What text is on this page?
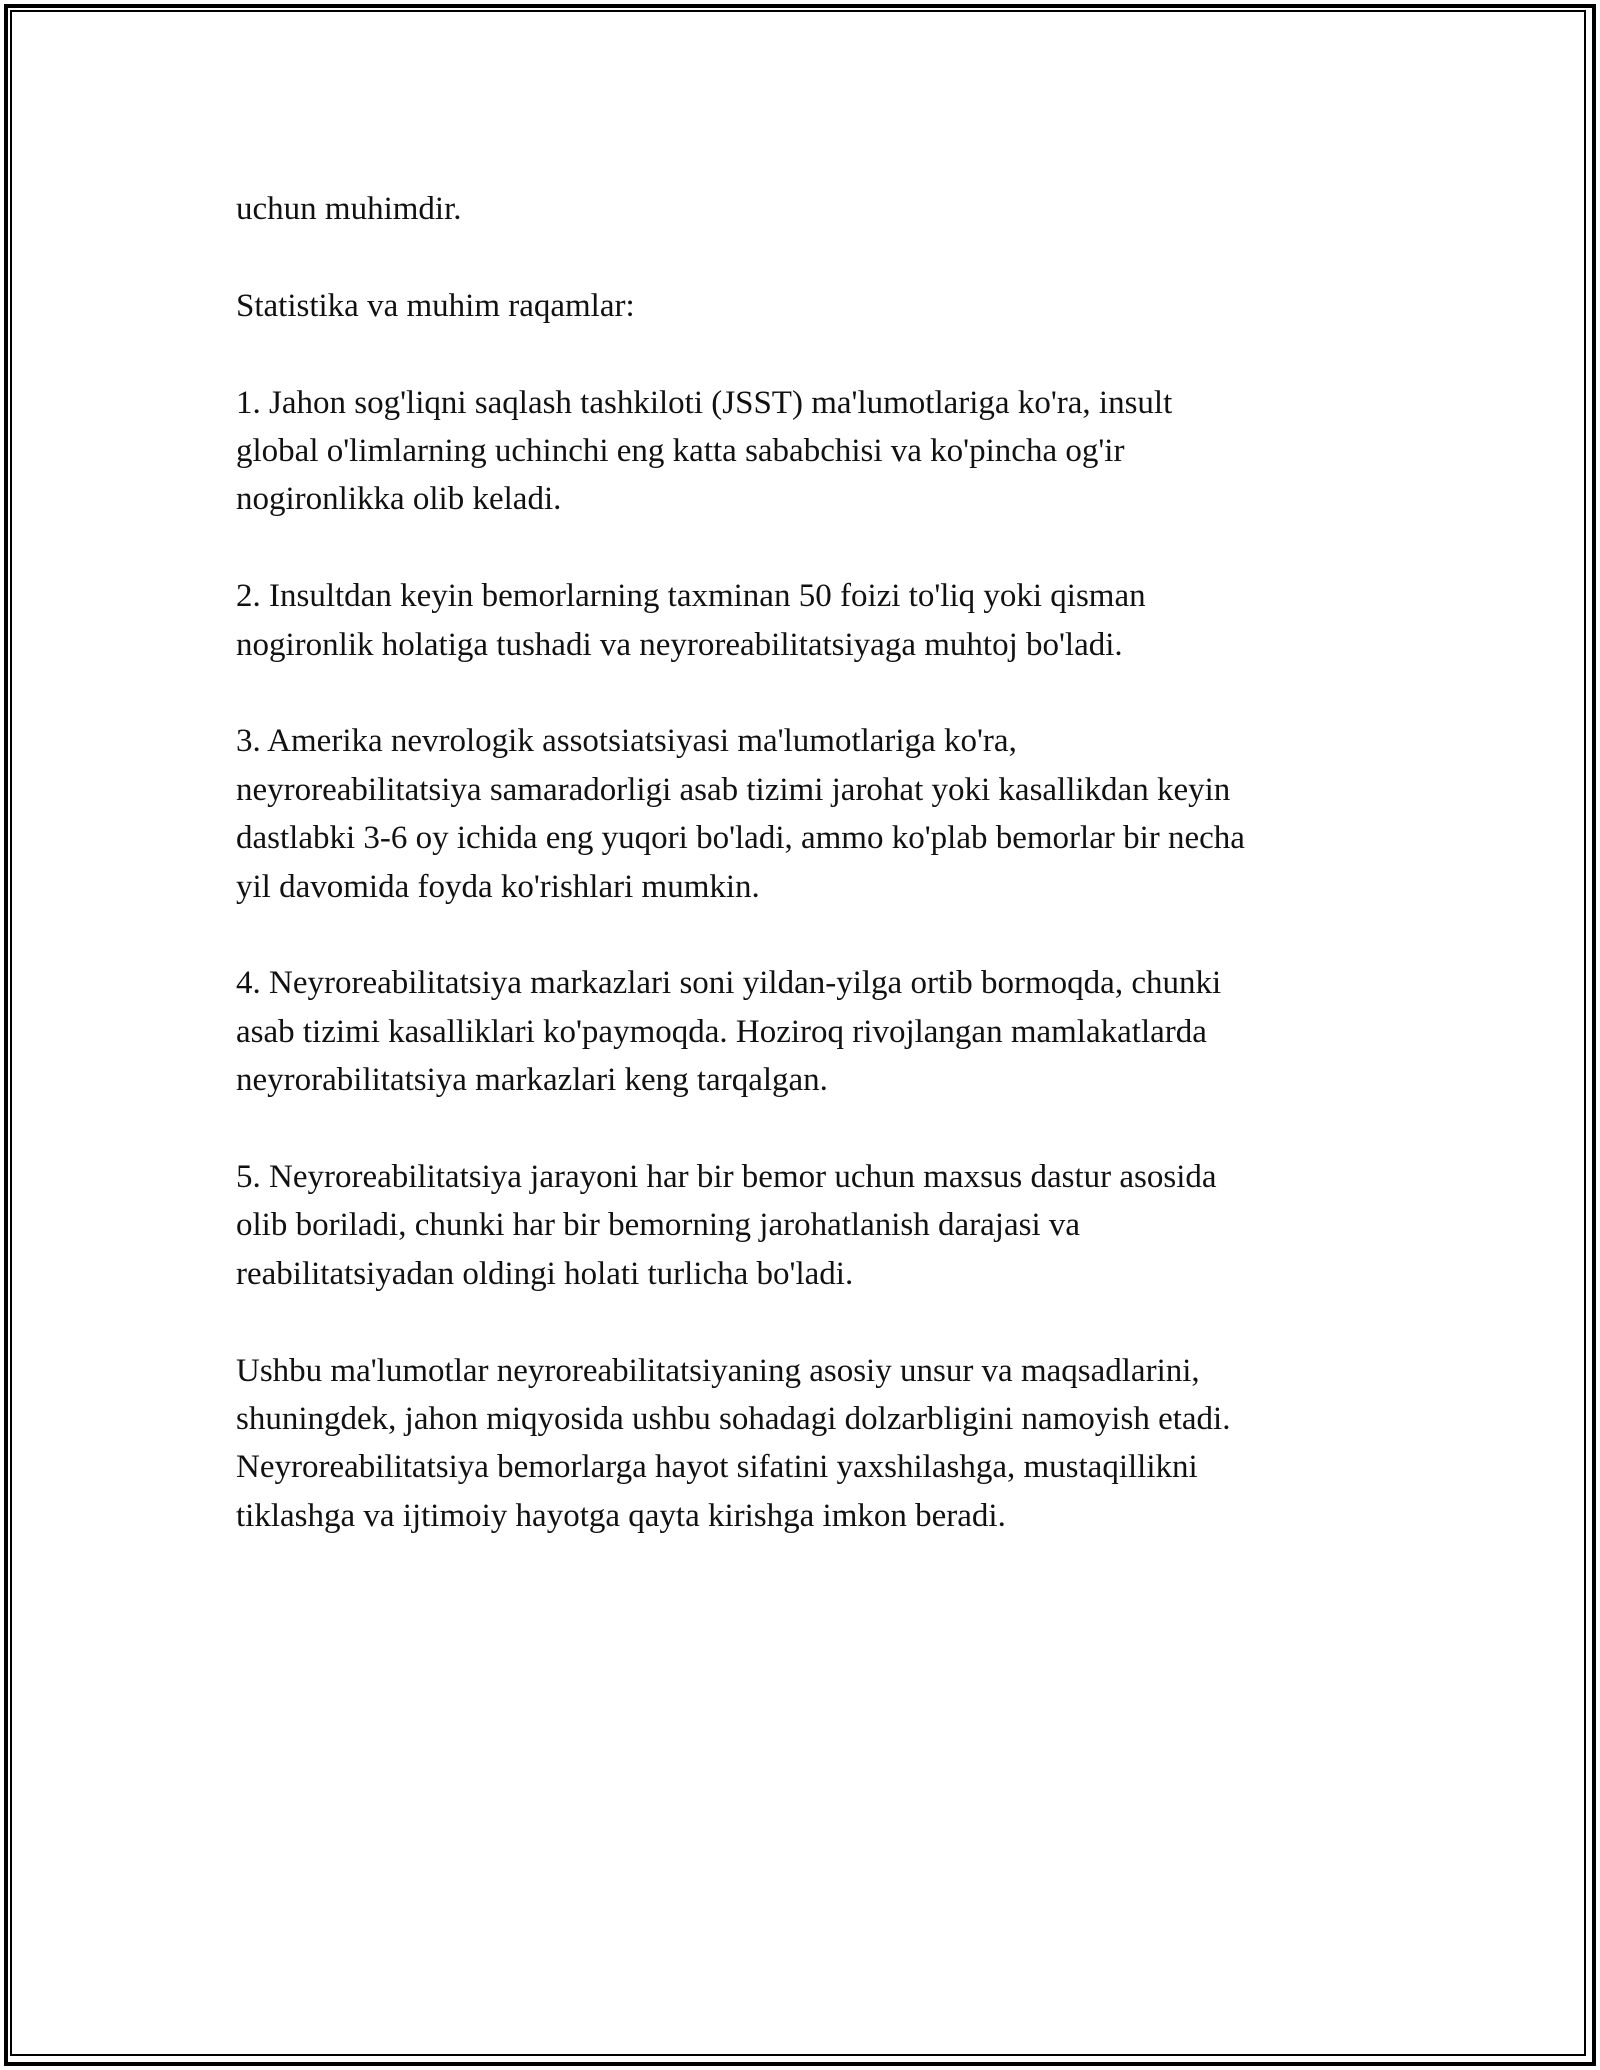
uchun muhimdir.

Statistika va muhim raqamlar:

1. Jahon sog'liqni saqlash tashkiloti (JSST) ma'lumotlariga ko'ra, insult
global o'limlarning uchinchi eng katta sababchisi va ko'pincha og'ir
nogironlikka olib keladi.

2. Insultdan keyin bemorlarning taxminan 50 foizi to'liq yoki qisman
nogironlik holatiga tushadi va neyroreabilitatsiyaga muhtoj bo'ladi.

3. Amerika nevrologik assotsiatsiyasi ma'lumotlariga ko'ra,
neyroreabilitatsiya samaradorligi asab tizimi jarohat yoki kasallikdan keyin
dastlabki 3-6 oy ichida eng yuqori bo'ladi, ammo ko'plab bemorlar bir necha
yil davomida foyda ko'rishlari mumkin.

4. Neyroreabilitatsiya markazlari soni yildan-yilga ortib bormoqda, chunki
asab tizimi kasalliklari ko'paymoqda. Hoziroq rivojlangan mamlakatlarda
neyrorabilitatsiya markazlari keng tarqalgan.

5. Neyroreabilitatsiya jarayoni har bir bemor uchun maxsus dastur asosida
olib boriladi, chunki har bir bemorning jarohatlanish darajasi va
reabilitatsiyadan oldingi holati turlicha bo'ladi.

Ushbu ma'lumotlar neyroreabilitatsiyaning asosiy unsur va maqsadlarini,
shuningdek, jahon miqyosida ushbu sohadagi dolzarbligini namoyish etadi.
Neyroreabilitatsiya bemorlarga hayot sifatini yaxshilashga, mustaqillikni
tiklashga va ijtimoiy hayotga qayta kirishga imkon beradi.
